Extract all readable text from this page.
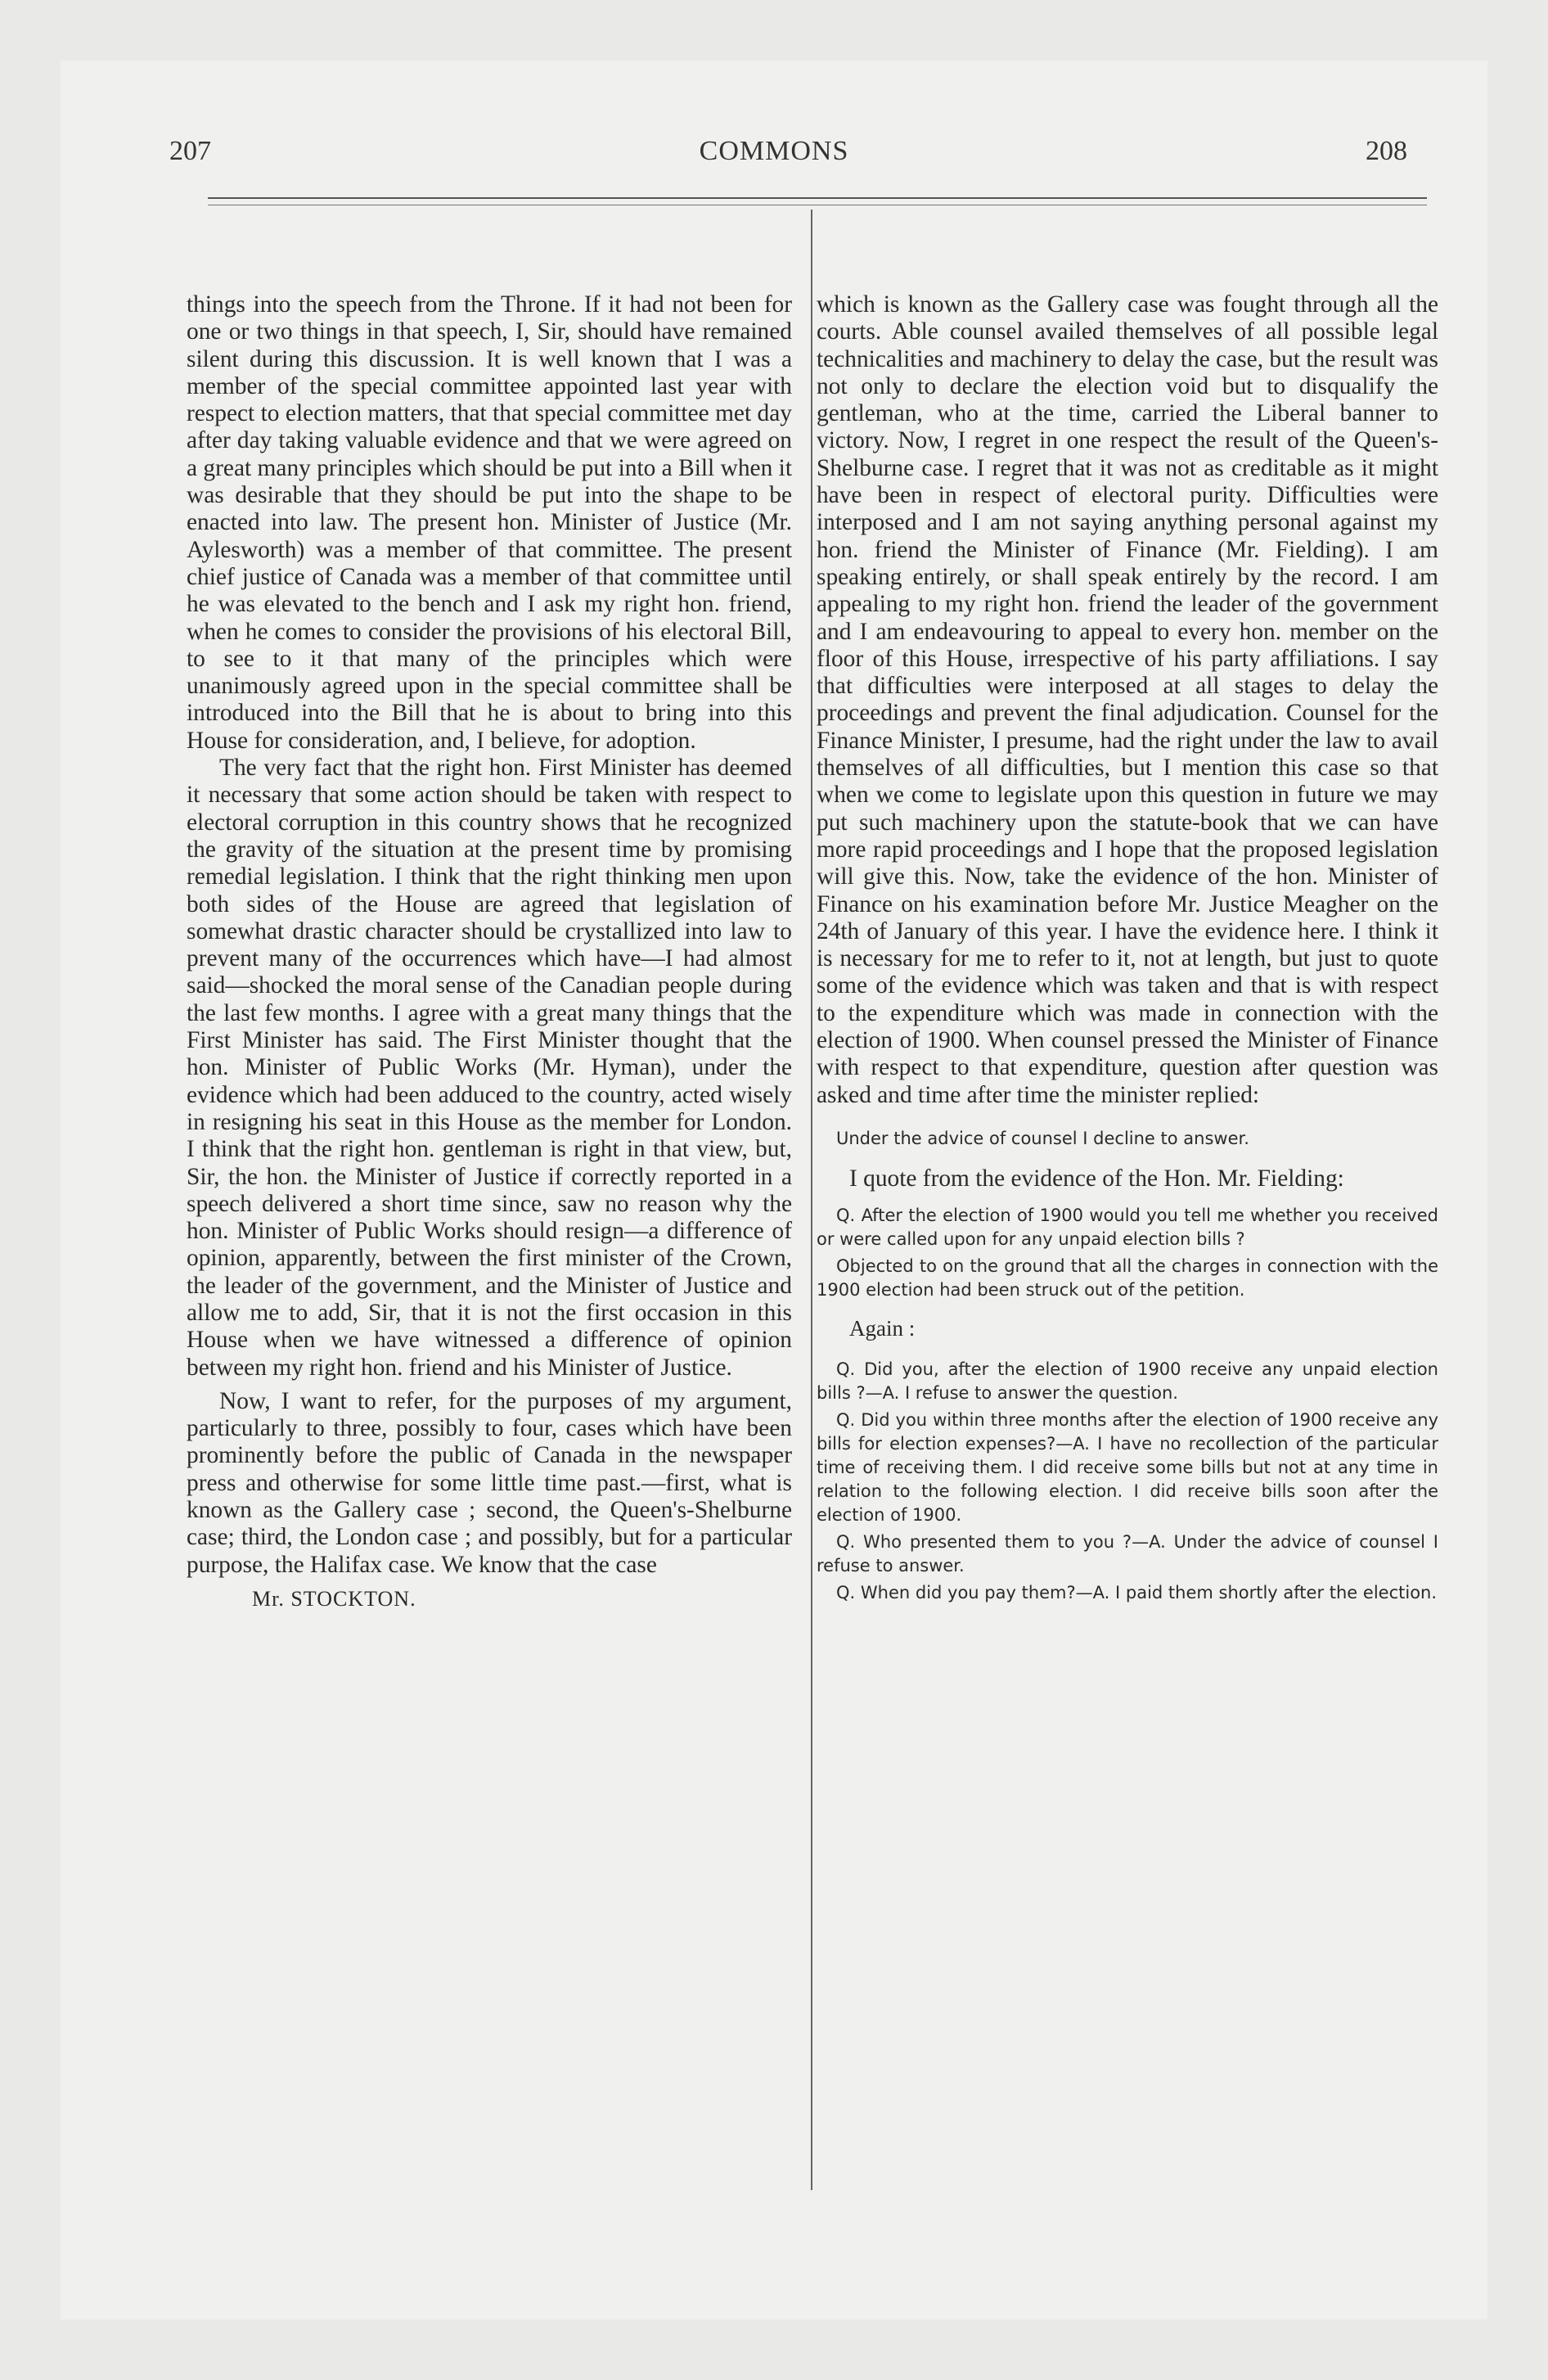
207	COMMONS	208

things into the speech from the Throne. If it had not been for one or two things in that speech, I, Sir, should have remained silent during this discussion. It is well known that I was a member of the special committee appointed last year with respect to election matters, that that special committee met day after day taking valuable evidence and that we were agreed on a great many principles which should be put into a Bill when it was desirable that they should be put into the shape to be enacted into law. The present hon. Minister of Justice (Mr. Aylesworth) was a member of that committee. The present chief justice of Canada was a member of that committee until he was elevated to the bench and I ask my right hon. friend, when he comes to consider the provisions of his electoral Bill, to see to it that many of the principles which were unanimously agreed upon in the special committee shall be introduced into the Bill that he is about to bring into this House for consideration, and, I believe, for adoption.

The very fact that the right hon. First Minister has deemed it necessary that some action should be taken with respect to electoral corruption in this country shows that he recognized the gravity of the situation at the present time by promising remedial legislation. I think that the right thinking men upon both sides of the House are agreed that legislation of somewhat drastic character should be crystallized into law to prevent many of the occurrences which have—I had almost said—shocked the moral sense of the Canadian people during the last few months. I agree with a great many things that the First Minister has said. The First Minister thought that the hon. Minister of Public Works (Mr. Hyman), under the evidence which had been adduced to the country, acted wisely in resigning his seat in this House as the member for London. I think that the right hon. gentleman is right in that view, but, Sir, the hon. the Minister of Justice if correctly reported in a speech delivered a short time since, saw no reason why the hon. Minister of Public Works should resign—a difference of opinion, apparently, between the first minister of the Crown, the leader of the government, and the Minister of Justice and allow me to add, Sir, that it is not the first occasion in this House when we have witnessed a difference of opinion between my right hon. friend and his Minister of Justice.

Now, I want to refer, for the purposes of my argument, particularly to three, possibly to four, cases which have been prominently before the public of Canada in the newspaper press and otherwise for some little time past.—first, what is known as the Gallery case ; second, the Queen's-Shelburne case; third, the London case ; and possibly, but for a particular purpose, the Halifax case. We know that the case

Mr. STOCKTON.

which is known as the Gallery case was fought through all the courts. Able counsel availed themselves of all possible legal technicalities and machinery to delay the case, but the result was not only to declare the election void but to disqualify the gentleman, who at the time, carried the Liberal banner to victory. Now, I regret in one respect the result of the Queen's-Shelburne case. I regret that it was not as creditable as it might have been in respect of electoral purity. Difficulties were interposed and I am not saying anything personal against my hon. friend the Minister of Finance (Mr. Fielding). I am speaking entirely, or shall speak entirely by the record. I am appealing to my right hon. friend the leader of the government and I am endeavouring to appeal to every hon. member on the floor of this House, irrespective of his party affiliations. I say that difficulties were interposed at all stages to delay the proceedings and prevent the final adjudication. Counsel for the Finance Minister, I presume, had the right under the law to avail themselves of all difficulties, but I mention this case so that when we come to legislate upon this question in future we may put such machinery upon the statute-book that we can have more rapid proceedings and I hope that the proposed legislation will give this. Now, take the evidence of the hon. Minister of Finance on his examination before Mr. Justice Meagher on the 24th of January of this year. I have the evidence here. I think it is necessary for me to refer to it, not at length, but just to quote some of the evidence which was taken and that is with respect to the expenditure which was made in connection with the election of 1900. When counsel pressed the Minister of Finance with respect to that expenditure, question after question was asked and time after time the minister replied:

Under the advice of counsel I decline to answer.

I quote from the evidence of the Hon. Mr. Fielding:

Q. After the election of 1900 would you tell me whether you received or were called upon for any unpaid election bills ?

Objected to on the ground that all the charges in connection with the 1900 election had been struck out of the petition.

Again :

Q. Did you, after the election of 1900 receive any unpaid election bills ?—A. I refuse to answer the question.

Q. Did you within three months after the election of 1900 receive any bills for election expenses?—A. I have no recollection of the particular time of receiving them. I did receive some bills but not at any time in relation to the following election. I did receive bills soon after the election of 1900.

Q. Who presented them to you ?—A. Under the advice of counsel I refuse to answer.

Q. When did you pay them?—A. I paid them shortly after the election.
